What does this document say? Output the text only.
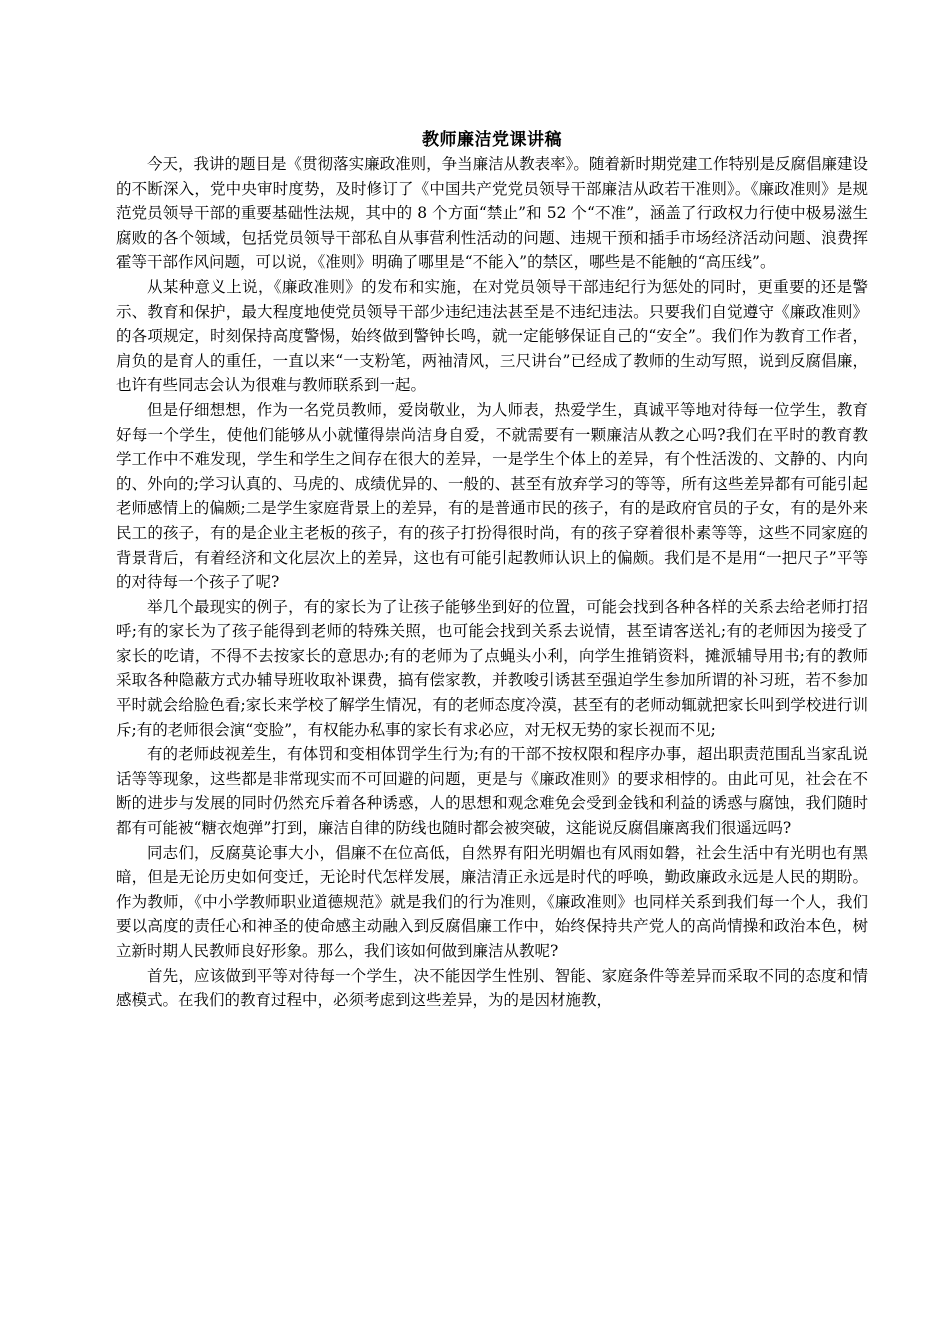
教师廉洁党课讲稿

今天，我讲的题目是《贯彻落实廉政准则，争当廉洁从教表率》。随着新时期党建工作特别是反腐倡廉建设的不断深入，党中央审时度势，及时修订了《中国共产党党员领导干部廉洁从政若干准则》。《廉政准则》是规范党员领导干部的重要基础性法规，其中的 8 个方面“禁止”和 52 个“不准”，涵盖了行政权力行使中极易滋生腐败的各个领域，包括党员领导干部私自从事营利性活动的问题、违规干预和插手市场经济活动问题、浪费挥霍等干部作风问题，可以说，《准则》明确了哪里是“不能入”的禁区，哪些是不能触的“高压线”。

从某种意义上说，《廉政准则》的发布和实施，在对党员领导干部违纪行为惩处的同时，更重要的还是警示、教育和保护，最大程度地使党员领导干部少违纪违法甚至是不违纪违法。只要我们自觉遵守《廉政准则》的各项规定，时刻保持高度警惕，始终做到警钟长鸣，就一定能够保证自己的“安全”。我们作为教育工作者，肩负的是育人的重任，一直以来“一支粉笔，两袖清风，三尺讲台”已经成了教师的生动写照，说到反腐倡廉，也许有些同志会认为很难与教师联系到一起。

但是仔细想想，作为一名党员教师，爱岗敬业，为人师表，热爱学生，真诚平等地对待每一位学生，教育好每一个学生，使他们能够从小就懂得崇尚洁身自爱，不就需要有一颗廉洁从教之心吗?我们在平时的教育教学工作中不难发现，学生和学生之间存在很大的差异，一是学生个体上的差异，有个性活泼的、文静的、内向的、外向的;学习认真的、马虎的、成绩优异的、一般的、甚至有放弃学习的等等，所有这些差异都有可能引起老师感情上的偏颇;二是学生家庭背景上的差异，有的是普通市民的孩子，有的是政府官员的子女，有的是外来民工的孩子，有的是企业主老板的孩子，有的孩子打扮得很时尚，有的孩子穿着很朴素等等，这些不同家庭的背景背后，有着经济和文化层次上的差异，这也有可能引起教师认识上的偏颇。我们是不是用“一把尺子”平等的对待每一个孩子了呢?

举几个最现实的例子，有的家长为了让孩子能够坐到好的位置，可能会找到各种各样的关系去给老师打招呼;有的家长为了孩子能得到老师的特殊关照，也可能会找到关系去说情，甚至请客送礼;有的老师因为接受了家长的吃请，不得不去按家长的意思办;有的老师为了点蝇头小利，向学生推销资料，摊派辅导用书;有的教师采取各种隐蔽方式办辅导班收取补课费，搞有偿家教，并教唆引诱甚至强迫学生参加所谓的补习班，若不参加平时就会给脸色看;家长来学校了解学生情况，有的老师态度冷漠，甚至有的老师动辄就把家长叫到学校进行训斥;有的老师很会演“变脸”，有权能办私事的家长有求必应，对无权无势的家长视而不见;

有的老师歧视差生，有体罚和变相体罚学生行为;有的干部不按权限和程序办事，超出职责范围乱当家乱说话等等现象，这些都是非常现实而不可回避的问题，更是与《廉政准则》的要求相悖的。由此可见，社会在不断的进步与发展的同时仍然充斥着各种诱惑，人的思想和观念难免会受到金钱和利益的诱惑与腐蚀，我们随时都有可能被“糖衣炮弹”打到，廉洁自律的防线也随时都会被突破，这能说反腐倡廉离我们很遥远吗?

同志们，反腐莫论事大小，倡廉不在位高低，自然界有阳光明媚也有风雨如磐，社会生活中有光明也有黑暗，但是无论历史如何变迁，无论时代怎样发展，廉洁清正永远是时代的呼唤，勤政廉政永远是人民的期盼。作为教师，《中小学教师职业道德规范》就是我们的行为准则，《廉政准则》也同样关系到我们每一个人，我们要以高度的责任心和神圣的使命感主动融入到反腐倡廉工作中，始终保持共产党人的高尚情操和政治本色，树立新时期人民教师良好形象。那么，我们该如何做到廉洁从教呢?

首先，应该做到平等对待每一个学生，决不能因学生性别、智能、家庭条件等差异而采取不同的态度和情感模式。在我们的教育过程中，必须考虑到这些差异，为的是因材施教，
